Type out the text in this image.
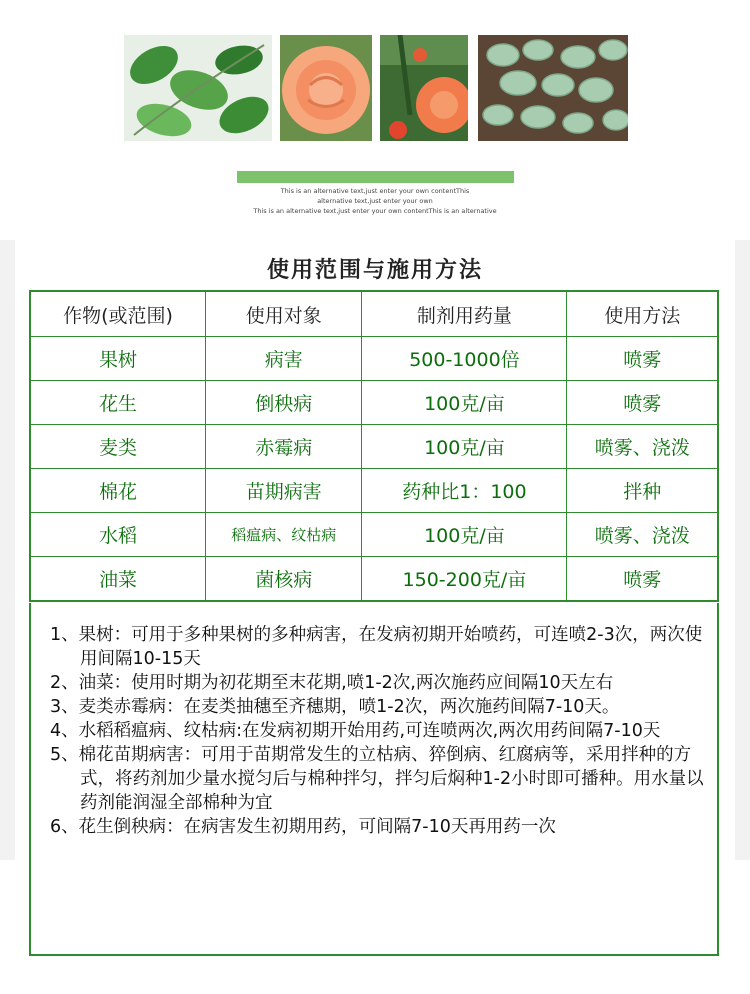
This is an alternative text,just enter your own contentThis
alternative text,just enter your own
This is an alternative text,just enter your own contentThis is an alternative
使用范围与施用方法
作物(或范围)	使用对象	制剂用药量	使用方法
果树	病害	500-1000倍	喷雾
花生	倒秧病	100克/亩	喷雾
麦类	赤霉病	100克/亩	喷雾、浇泼
棉花	苗期病害	药种比1：100	拌种
水稻	稻瘟病、纹枯病	100克/亩	喷雾、浇泼
油菜	菌核病	150-200克/亩	喷雾

1、果树：可用于多种果树的多种病害，在发病初期开始喷药，可连喷2-3次，两次使用间隔10-15天

2、油菜：使用时期为初花期至末花期,喷1-2次,两次施药应间隔10天左右

3、麦类赤霉病：在麦类抽穗至齐穗期，喷1-2次，两次施药间隔7-10天。

4、水稻稻瘟病、纹枯病:在发病初期开始用药,可连喷两次,两次用药间隔7-10天

5、棉花苗期病害：可用于苗期常发生的立枯病、猝倒病、红腐病等，采用拌种的方式，将药剂加少量水搅匀后与棉种拌匀，拌匀后焖种1-2小时即可播种。用水量以药剂能润湿全部棉种为宜

6、花生倒秧病：在病害发生初期用药，可间隔7-10天再用药一次
